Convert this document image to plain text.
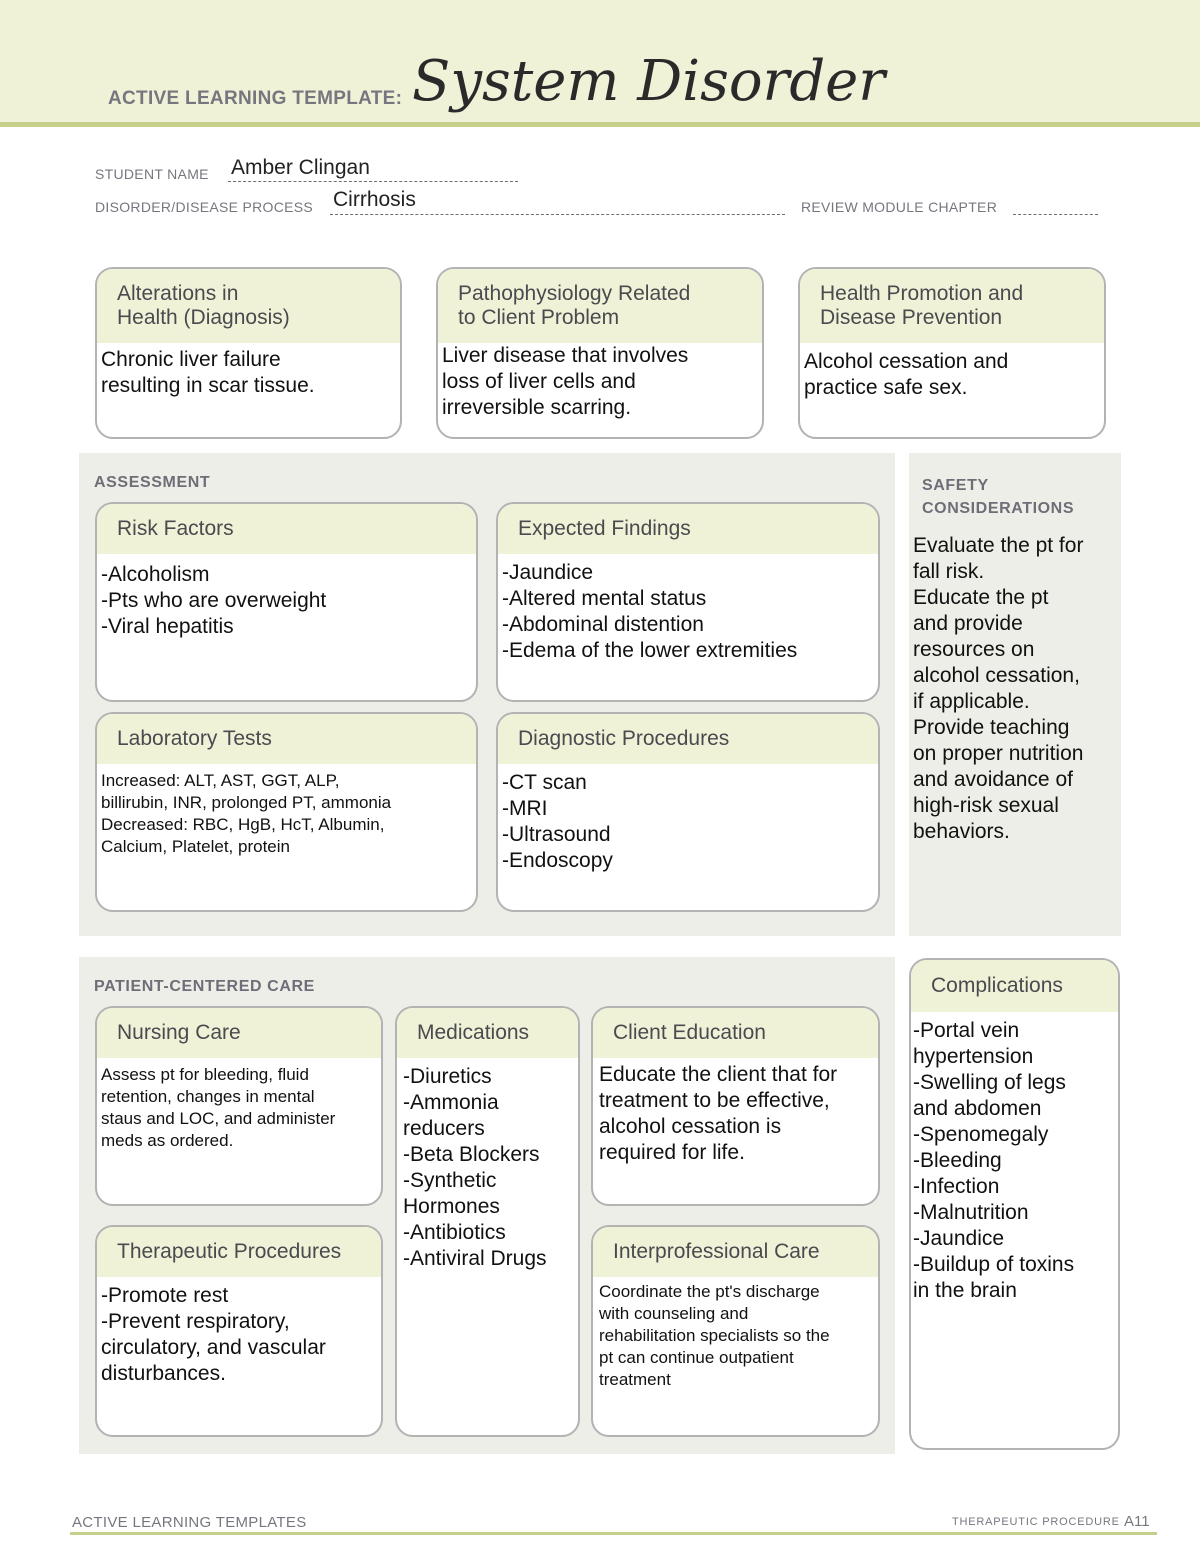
ACTIVE LEARNING TEMPLATE: System Disorder
STUDENT NAME Amber Clingan
DISORDER/DISEASE PROCESS Cirrhosis	REVIEW MODULE CHAPTER
Alterations in
Health (Diagnosis)
Chronic liver failure
resulting in scar tissue.
Pathophysiology Related
to Client Problem
Liver disease that involves
loss of liver cells and
irreversible scarring.
Health Promotion and
Disease Prevention
Alcohol cessation and
practice safe sex.
ASSESSMENT
Risk Factors
-Alcoholism
-Pts who are overweight
-Viral hepatitis
Expected Findings
-Jaundice
-Altered mental status
-Abdominal distention
-Edema of the lower extremities
Laboratory Tests
Increased: ALT, AST, GGT, ALP,
billirubin, INR, prolonged PT, ammonia
Decreased: RBC, HgB, HcT, Albumin,
Calcium, Platelet, protein
Diagnostic Procedures
-CT scan
-MRI
-Ultrasound
-Endoscopy
SAFETY
CONSIDERATIONS
Evaluate the pt for
fall risk.
Educate the pt
and provide
resources on
alcohol cessation,
if applicable.
Provide teaching
on proper nutrition
and avoidance of
high-risk sexual
behaviors.
PATIENT-CENTERED CARE
Nursing Care
Assess pt for bleeding, fluid
retention, changes in mental
staus and LOC, and administer
meds as ordered.
Medications
-Diuretics
-Ammonia
reducers
-Beta Blockers
-Synthetic
Hormones
-Antibiotics
-Antiviral Drugs
Client Education
Educate the client that for
treatment to be effective,
alcohol cessation is
required for life.
Therapeutic Procedures
-Promote rest
-Prevent respiratory,
circulatory, and vascular
disturbances.
Interprofessional Care
Coordinate the pt's discharge
with counseling and
rehabilitation specialists so the
pt can continue outpatient
treatment
Complications
-Portal vein
hypertension
-Swelling of legs
and abdomen
-Spenomegaly
-Bleeding
-Infection
-Malnutrition
-Jaundice
-Buildup of toxins
in the brain
ACTIVE LEARNING TEMPLATES	THERAPEUTIC PROCEDURE A11
